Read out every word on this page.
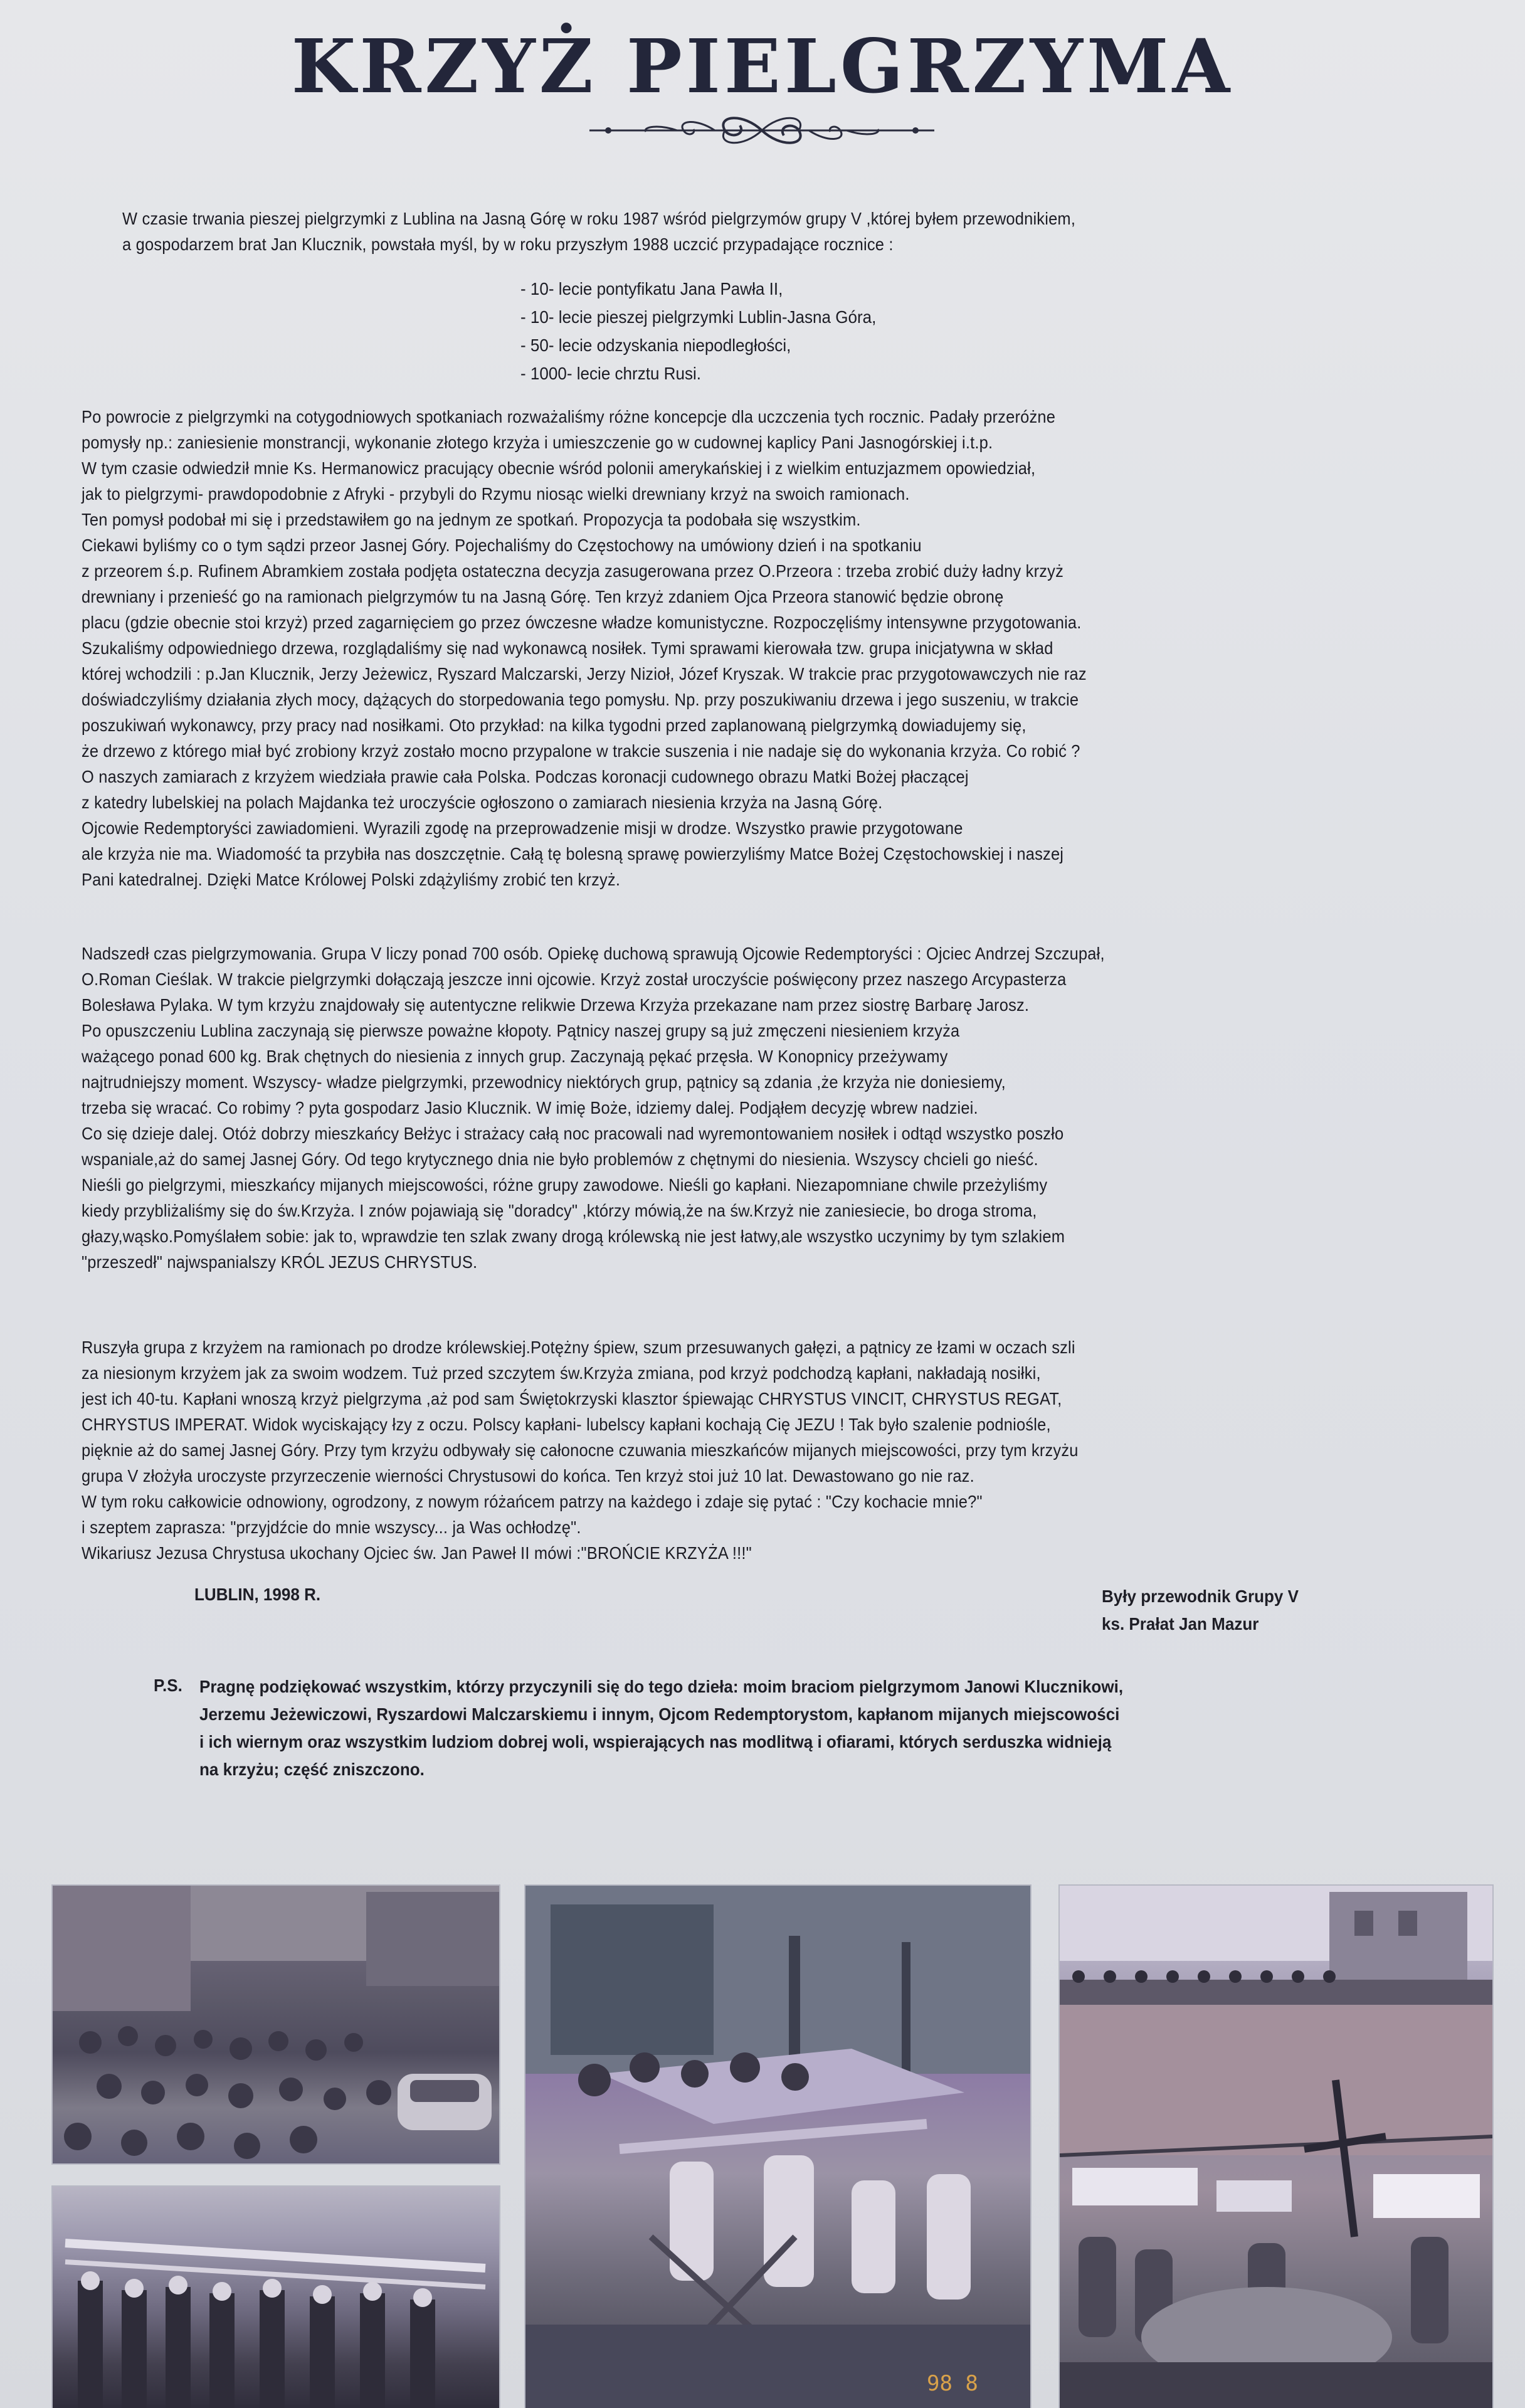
KRZYŻ PIELGRZYMA
W czasie trwania pieszej pielgrzymki z Lublina na Jasną Górę w roku 1987 wśród pielgrzymów grupy V ,której byłem przewodnikiem,
a gospodarzem brat Jan Klucznik, powstała myśl, by w roku przyszłym 1988 uczcić przypadające rocznice :
- 10- lecie pontyfikatu Jana Pawła II,
- 10- lecie pieszej pielgrzymki Lublin-Jasna Góra,
- 50- lecie odzyskania niepodległości,
- 1000- lecie chrztu Rusi.
Po powrocie z pielgrzymki na cotygodniowych spotkaniach rozważaliśmy różne koncepcje dla uczczenia tych rocznic. Padały przeróżne
pomysły np.: zaniesienie monstrancji, wykonanie złotego krzyża i umieszczenie go w cudownej kaplicy Pani Jasnogórskiej i.t.p.
W tym czasie odwiedził mnie Ks. Hermanowicz pracujący obecnie wśród polonii amerykańskiej i z wielkim entuzjazmem opowiedział,
jak to pielgrzymi- prawdopodobnie z Afryki - przybyli do Rzymu niosąc wielki drewniany krzyż na swoich ramionach.
Ten pomysł podobał mi się i przedstawiłem go na jednym ze spotkań. Propozycja ta podobała się wszystkim.
Ciekawi byliśmy co o tym sądzi przeor Jasnej Góry. Pojechaliśmy do Częstochowy na umówiony dzień i na spotkaniu
z przeorem ś.p. Rufinem Abramkiem została podjęta ostateczna decyzja zasugerowana przez O.Przeora : trzeba zrobić duży ładny krzyż
drewniany i przenieść go na ramionach pielgrzymów tu na Jasną Górę. Ten krzyż zdaniem Ojca Przeora stanowić będzie obronę
placu (gdzie obecnie stoi krzyż) przed zagarnięciem go przez ówczesne władze komunistyczne. Rozpoczęliśmy intensywne przygotowania.
Szukaliśmy odpowiedniego drzewa, rozglądaliśmy się nad wykonawcą nosiłek. Tymi sprawami kierowała tzw. grupa inicjatywna w skład
której wchodzili : p.Jan Klucznik, Jerzy Jeżewicz, Ryszard Malczarski, Jerzy Nizioł, Józef Kryszak. W trakcie prac przygotowawczych nie raz
doświadczyliśmy działania złych mocy, dążących do storpedowania tego pomysłu. Np. przy poszukiwaniu drzewa i jego suszeniu, w trakcie
poszukiwań wykonawcy, przy pracy nad nosiłkami. Oto przykład: na kilka tygodni przed zaplanowaną pielgrzymką dowiadujemy się,
że drzewo z którego miał być zrobiony krzyż zostało mocno przypalone w trakcie suszenia i nie nadaje się do wykonania krzyża. Co robić ?
O naszych zamiarach z krzyżem wiedziała prawie cała Polska. Podczas koronacji cudownego obrazu Matki Bożej płaczącej
z katedry lubelskiej na polach Majdanka też uroczyście ogłoszono o zamiarach niesienia krzyża na Jasną Górę.
Ojcowie Redemptoryści zawiadomieni. Wyrazili zgodę na przeprowadzenie misji w drodze. Wszystko prawie przygotowane
ale krzyża nie ma. Wiadomość ta przybiła nas doszczętnie. Całą tę bolesną sprawę powierzyliśmy Matce Bożej Częstochowskiej i naszej
Pani katedralnej. Dzięki Matce Królowej Polski zdążyliśmy zrobić ten krzyż.
Nadszedł czas pielgrzymowania. Grupa V liczy ponad 700 osób. Opiekę duchową sprawują Ojcowie Redemptoryści : Ojciec Andrzej Szczupał,
O.Roman Cieślak. W trakcie pielgrzymki dołączają jeszcze inni ojcowie. Krzyż został uroczyście poświęcony przez naszego Arcypasterza
Bolesława Pylaka. W tym krzyżu znajdowały się autentyczne relikwie Drzewa Krzyża przekazane nam przez siostrę Barbarę Jarosz.
Po opuszczeniu Lublina zaczynają się pierwsze poważne kłopoty. Pątnicy naszej grupy są już zmęczeni niesieniem krzyża
ważącego ponad 600 kg. Brak chętnych do niesienia z innych grup. Zaczynają pękać przęsła. W Konopnicy przeżywamy
najtrudniejszy moment. Wszyscy- władze pielgrzymki, przewodnicy niektórych grup, pątnicy są zdania ,że krzyża nie doniesiemy,
trzeba się wracać. Co robimy ? pyta gospodarz Jasio Klucznik. W imię Boże, idziemy dalej. Podjąłem decyzję wbrew nadziei.
Co się dzieje dalej. Otóż dobrzy mieszkańcy Bełżyc i strażacy całą noc pracowali nad wyremontowaniem nosiłek i odtąd wszystko poszło
wspaniale,aż do samej Jasnej Góry. Od tego krytycznego dnia nie było problemów z chętnymi do niesienia. Wszyscy chcieli go nieść.
Nieśli go pielgrzymi, mieszkańcy mijanych miejscowości, różne grupy zawodowe. Nieśli go kapłani. Niezapomniane chwile przeżyliśmy
kiedy przybliżaliśmy się do św.Krzyża. I znów pojawiają się "doradcy" ,którzy mówią,że na św.Krzyż nie zaniesiecie, bo droga stroma,
głazy,wąsko.Pomyślałem sobie: jak to, wprawdzie ten szlak zwany drogą królewską nie jest łatwy,ale wszystko uczynimy by tym szlakiem
"przeszedł" najwspanialszy KRÓL JEZUS CHRYSTUS.
Ruszyła grupa z krzyżem na ramionach po drodze królewskiej.Potężny śpiew, szum przesuwanych gałęzi, a pątnicy ze łzami w oczach szli
za niesionym krzyżem jak za swoim wodzem. Tuż przed szczytem św.Krzyża zmiana, pod krzyż podchodzą kapłani, nakładają nosiłki,
jest ich 40-tu. Kapłani wnoszą krzyż pielgrzyma ,aż pod sam Świętokrzyski klasztor śpiewając CHRYSTUS VINCIT, CHRYSTUS REGAT,
CHRYSTUS IMPERAT. Widok wyciskający łzy z oczu. Polscy kapłani- lubelscy kapłani kochają Cię JEZU ! Tak było szalenie podniośle,
pięknie aż do samej Jasnej Góry. Przy tym krzyżu odbywały się całonocne czuwania mieszkańców mijanych miejscowości, przy tym krzyżu
grupa V złożyła uroczyste przyrzeczenie wierności Chrystusowi do końca. Ten krzyż stoi już 10 lat. Dewastowano go nie raz.
W tym roku całkowicie odnowiony, ogrodzony, z nowym różańcem patrzy na każdego i zdaje się pytać : "Czy kochacie mnie?"
i szeptem zaprasza: "przyjdźcie do mnie wszyscy... ja Was ochłodzę".
Wikariusz Jezusa Chrystusa ukochany Ojciec św. Jan Paweł II mówi :"BROŃCIE KRZYŻA !!!"
LUBLIN, 1998 R.	Były przewodnik Grupy V
ks. Prałat Jan Mazur
P.S. Pragnę podziękować wszystkim, którzy przyczynili się do tego dzieła: moim braciom pielgrzymom Janowi Klucznikowi,
Jerzemu Jeżewiczowi, Ryszardowi Malczarskiemu i innym, Ojcom Redemptorystom, kapłanom mijanych miejscowości
i ich wiernym oraz wszystkim ludziom dobrej woli, wspierających nas modlitwą i ofiarami, których serduszka widnieją
na krzyżu; część zniszczono.
98 8
